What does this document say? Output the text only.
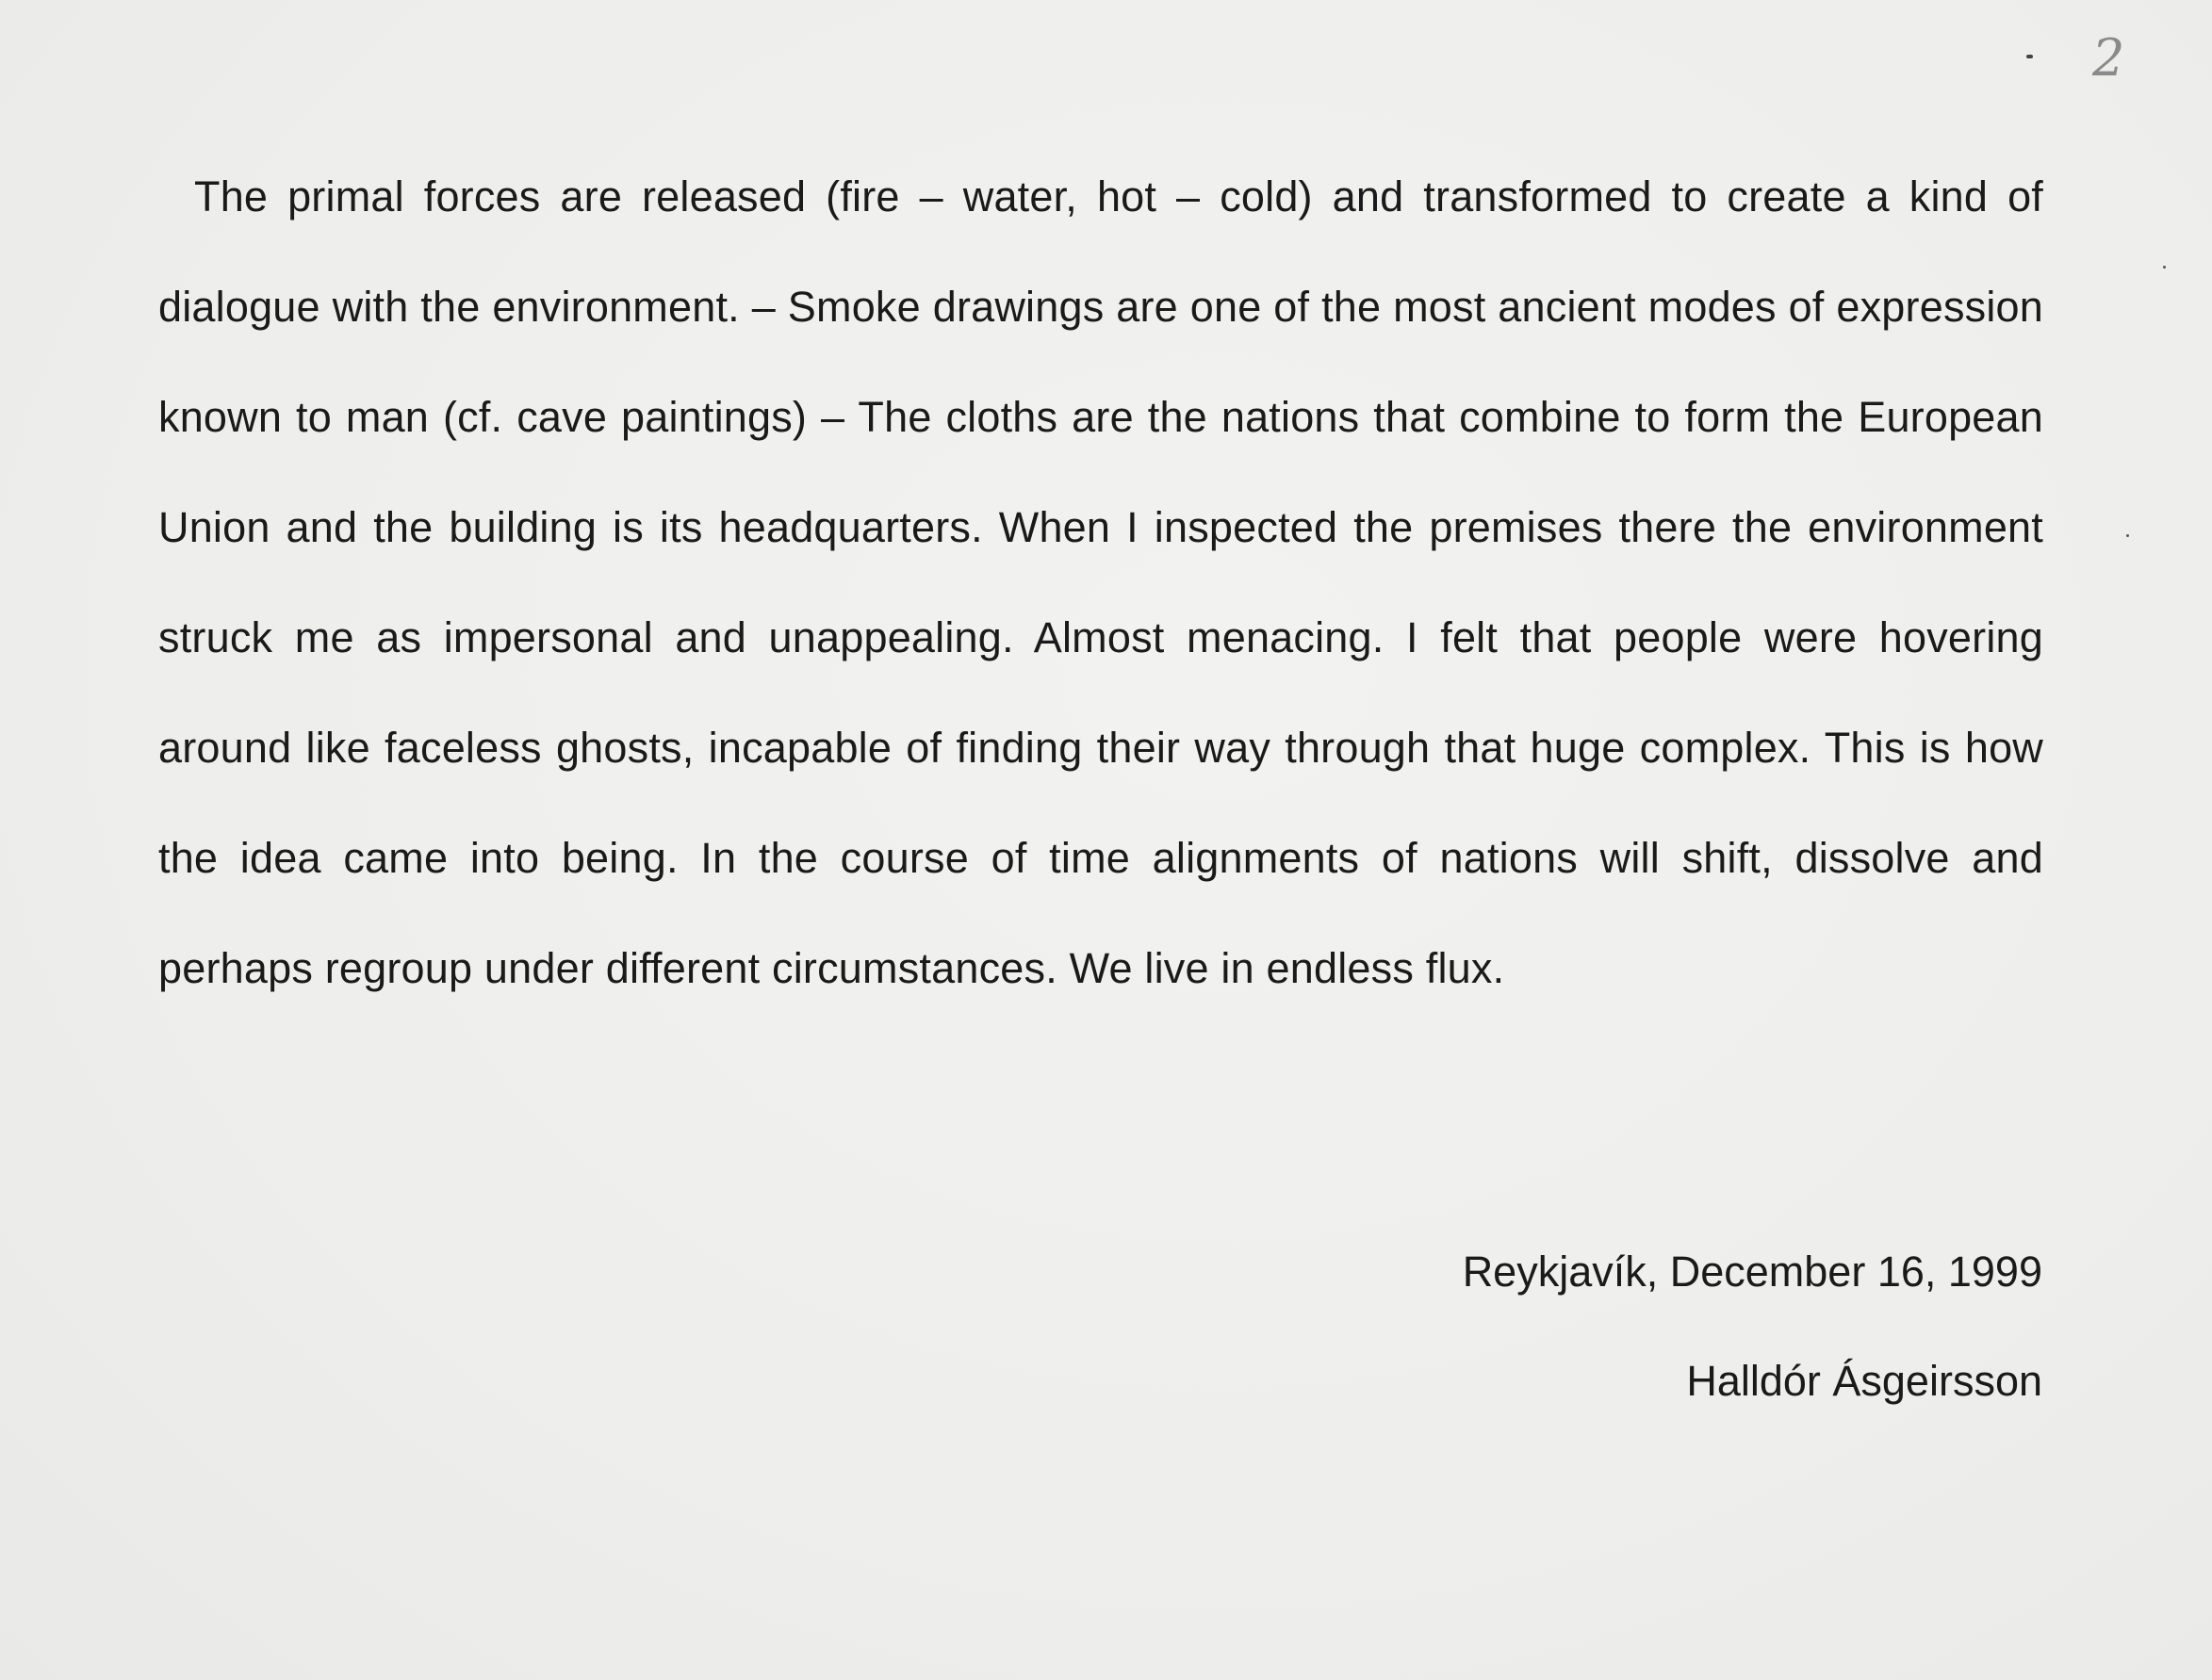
2

The primal forces are released (fire – water, hot – cold) and transformed to create a kind of dialogue with the environment. – Smoke drawings are one of the most ancient modes of expression known to man (cf. cave paintings) – The cloths are the nations that combine to form the European Union and the building is its headquarters. When I inspected the premises there the environment struck me as impersonal and unappealing. Almost menacing. I felt that people were hovering around like faceless ghosts, incapable of finding their way through that huge complex. This is how the idea came into being. In the course of time alignments of nations will shift, dissolve and perhaps regroup under different circumstances. We live in endless flux.

Reykjavík, December 16, 1999
Halldór Ásgeirsson
